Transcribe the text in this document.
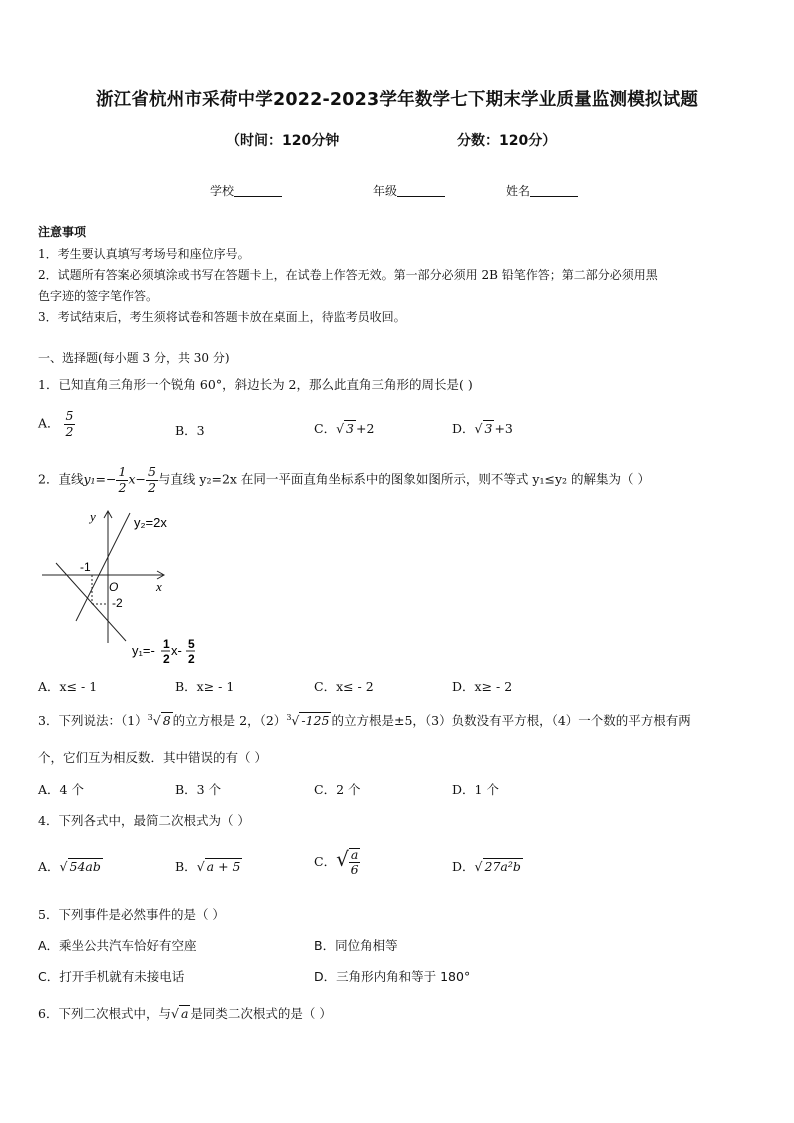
浙江省杭州市采荷中学2022-2023学年数学七下期末学业质量监测模拟试题
（时间：120分钟	分数：120分）
学校	年级	姓名
注意事项
1．考生要认真填写考场号和座位序号。
2．试题所有答案必须填涂或书写在答题卡上，在试卷上作答无效。第一部分必须用 2B 铅笔作答；第二部分必须用黑
色字迹的签字笔作答。
3．考试结束后，考生须将试卷和答题卡放在桌面上，待监考员收回。
一、选择题(每小题 3 分，共 30 分)
1．已知直角三角形一个锐角 60°，斜边长为 2，那么此直角三角形的周长是( )
A． $\frac{5}{2}$	B．3	C．√ 3 +2	D．√ 3 +3
2．直线$y_1=- \frac{1}{2} x- \frac{5}{2}$ 与直线 y₂=2x 在同一平面直角坐标系中的图象如图所示，则不等式 y₁≤y₂ 的解集为（ ）
y
x
O
y₂=2x
-1
-2
y₁=- 1
2
x- 5
2
A．x≤ - 1	B．x≥ - 1	C．x≤ - 2	D．x≥ - 2
3．下列说法：$(1)^3√$ 8 的立方根是 2，$(2)^3√$ -125 的立方根是±5，（3）负数没有平方根，（4）一个数的平方根有两
个，它们互为相反数．其中错误的有（ ）
A．4 个	B．3 个	C．2 个	D．1 个
4．下列各式中，最简二次根式为（ ）
A．√ 54ab	B．√ a + 5	C．√ $\frac{a}{6}$	D．√ 27a²b
5．下列事件是必然事件的是（ ）
A．乘坐公共汽车恰好有空座	B．同位角相等
C．打开手机就有未接电话	D．三角形内角和等于 180°
6．下列二次根式中，与√ a 是同类二次根式的是（ ）
